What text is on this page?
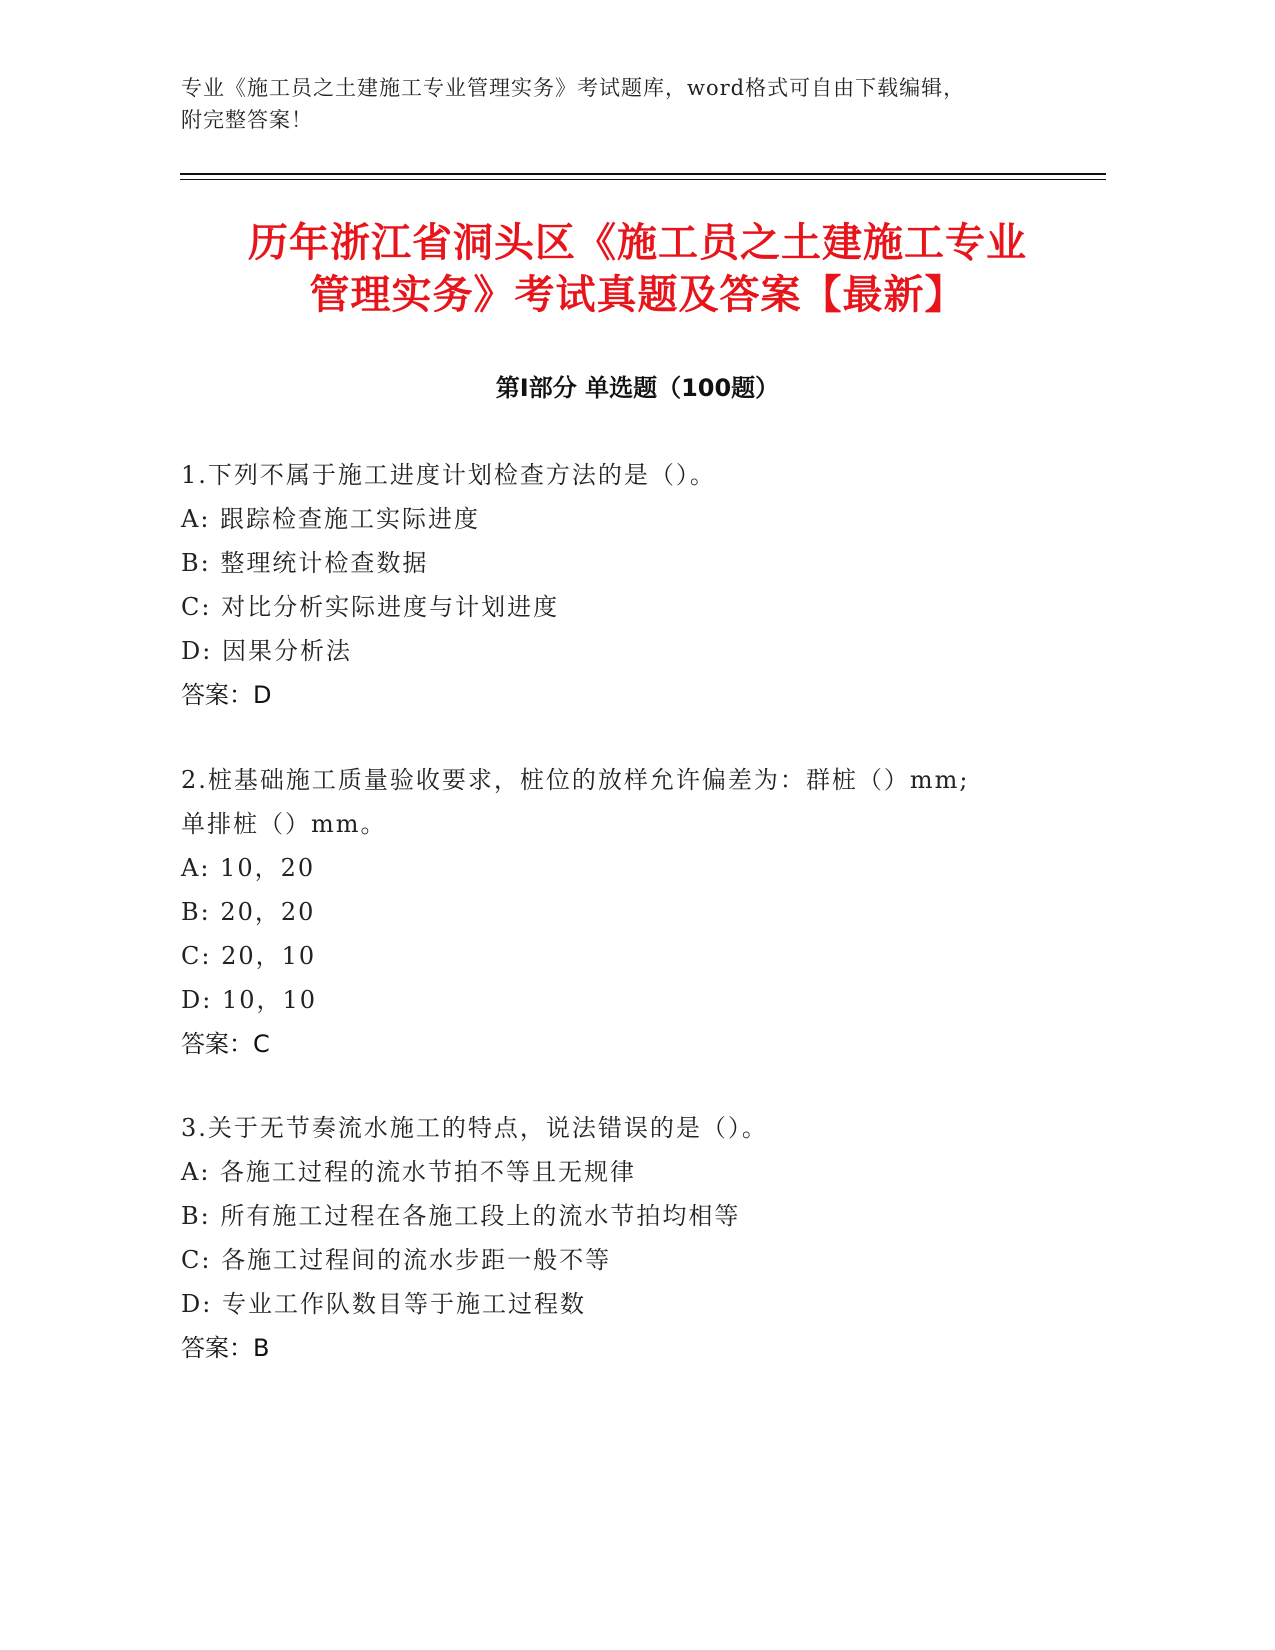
专业《施工员之土建施工专业管理实务》考试题库，word格式可自由下载编辑，
附完整答案！
历年浙江省洞头区《施工员之土建施工专业
管理实务》考试真题及答案【最新】
第Ⅰ部分 单选题（100题）
1.下列不属于施工进度计划检查方法的是（）。
A: 跟踪检查施工实际进度
B: 整理统计检查数据
C: 对比分析实际进度与计划进度
D: 因果分析法
答案：D
2.桩基础施工质量验收要求，桩位的放样允许偏差为：群桩（）mm;
单排桩（）mm。
A: 10，20
B: 20，20
C: 20，10
D: 10，10
答案：C
3.关于无节奏流水施工的特点，说法错误的是（）。
A: 各施工过程的流水节拍不等且无规律
B: 所有施工过程在各施工段上的流水节拍均相等
C: 各施工过程间的流水步距一般不等
D: 专业工作队数目等于施工过程数
答案：B
